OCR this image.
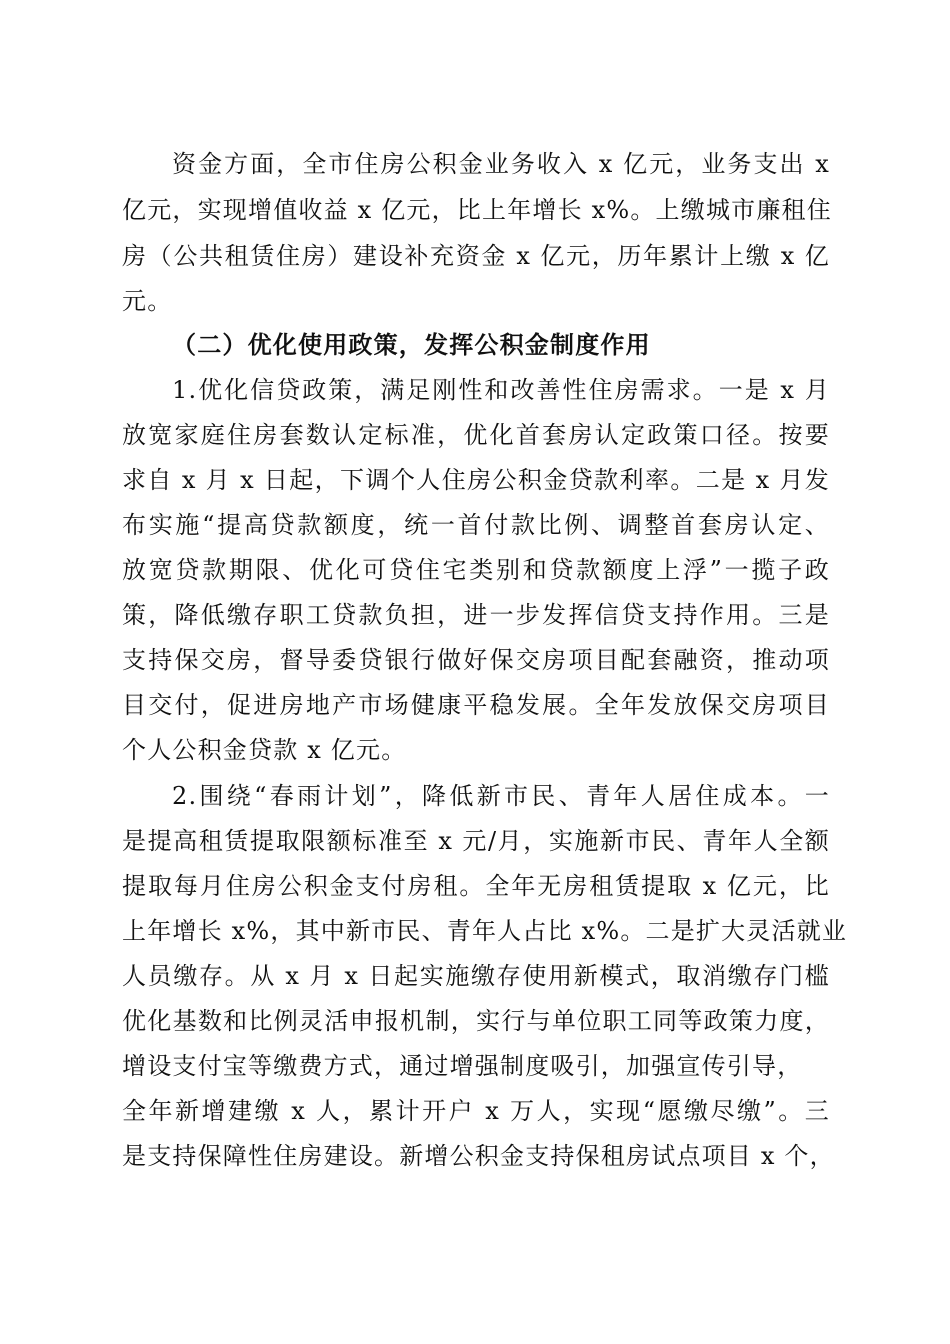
资金方面，全市住房公积金业务收入 x 亿元，业务支出 x
亿元，实现增值收益 x 亿元，比上年增长 x%。上缴城市廉租住
房（公共租赁住房）建设补充资金 x 亿元，历年累计上缴 x 亿
元。
（二）优化使用政策，发挥公积金制度作用
1.优化信贷政策，满足刚性和改善性住房需求。一是 x 月
放宽家庭住房套数认定标准，优化首套房认定政策口径。按要
求自 x 月 x 日起，下调个人住房公积金贷款利率。二是 x 月发
布实施“提高贷款额度，统一首付款比例、调整首套房认定、
放宽贷款期限、优化可贷住宅类别和贷款额度上浮”一揽子政
策，降低缴存职工贷款负担，进一步发挥信贷支持作用。三是
支持保交房，督导委贷银行做好保交房项目配套融资，推动项
目交付，促进房地产市场健康平稳发展。全年发放保交房项目
个人公积金贷款 x 亿元。
2.围绕“春雨计划”，降低新市民、青年人居住成本。一
是提高租赁提取限额标准至 x 元/月，实施新市民、青年人全额
提取每月住房公积金支付房租。全年无房租赁提取 x 亿元，比
上年增长 x%，其中新市民、青年人占比 x%。二是扩大灵活就业
人员缴存。从 x 月 x 日起实施缴存使用新模式，取消缴存门槛
优化基数和比例灵活申报机制，实行与单位职工同等政策力度，
增设支付宝等缴费方式，通过增强制度吸引，加强宣传引导，
全年新增建缴 x 人，累计开户 x 万人，实现“愿缴尽缴”。三
是支持保障性住房建设。新增公积金支持保租房试点项目 x 个，
